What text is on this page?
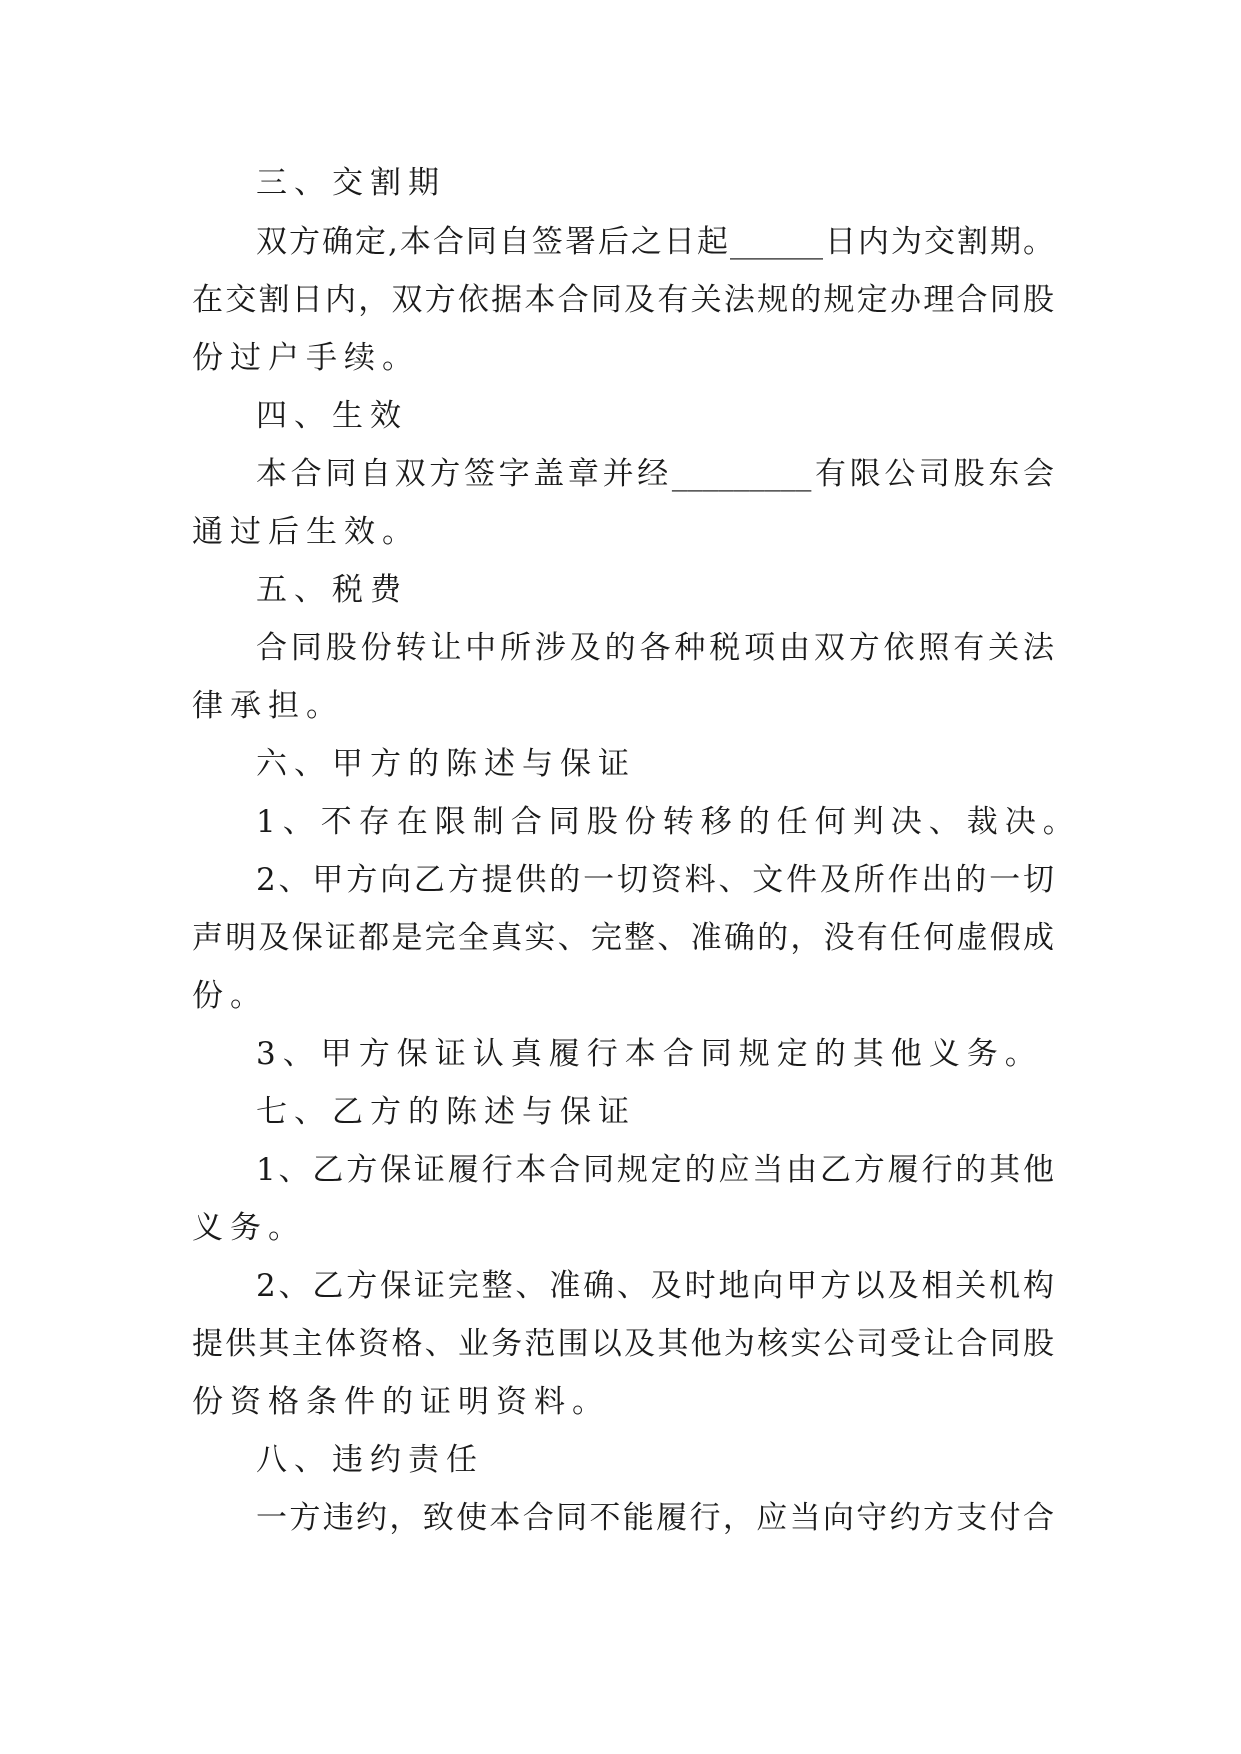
三、交割期
双方确定,本合同自签署后之日起______日内为交割期。
在交割日内，双方依据本合同及有关法规的规定办理合同股
份过户手续。
四、生效
本合同自双方签字盖章并经_________有限公司股东会
通过后生效。
五、税费
合同股份转让中所涉及的各种税项由双方依照有关法
律承担。
六、甲方的陈述与保证
1、不存在限制合同股份转移的任何判决、裁决。
2、甲方向乙方提供的一切资料、文件及所作出的一切
声明及保证都是完全真实、完整、准确的，没有任何虚假成
份。
3、甲方保证认真履行本合同规定的其他义务。
七、乙方的陈述与保证
1、乙方保证履行本合同规定的应当由乙方履行的其他
义务。
2、乙方保证完整、准确、及时地向甲方以及相关机构
提供其主体资格、业务范围以及其他为核实公司受让合同股
份资格条件的证明资料。
八、违约责任
一方违约，致使本合同不能履行，应当向守约方支付合
